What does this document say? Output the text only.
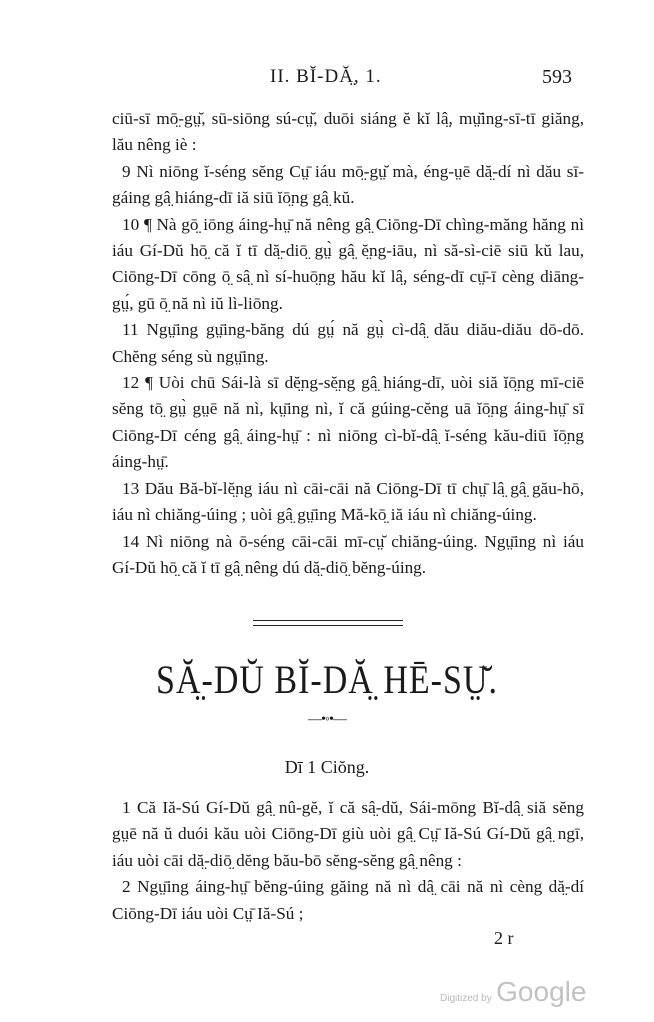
II. BĬ-DĂ̤, 1.	593

ciū-sī mō̤-gṳ̆, sū-siōng sú-cṳ̆, duōi siáng ĕ kĭ lâ̤, mṳ̆ing-sī-tī giăng, lău nêng iè :

9 Nì niōng ĭ-séng sĕng Cṳ̄ iáu mō̤-gṳ̆ mà, éng-ṳē dă̤-dí nì dău sī-gáing gâ̤ hiáng-dī iă siū ĭō̤ng gâ̤ kŭ.

10 ¶ Nà gō̤ iōng áing-hṳ̄ nă nêng gâ̤ Ciōng-Dī chìng-măng hăng nì iáu Gí-Dŭ hō̤ că ĭ tī dă̤-diō̤ gṳ̀ gâ̤ ĕ̤ng-iāu, nì să-sì-ciē siū kŭ lau, Ciōng-Dī cōng ō̤ sâ̤ nì sí-huō̤ng hău kĭ lâ̤, séng-dī cṳ̄-ī cèng diāng-gṳ́, gū ō̤ nă nì iŭ lì-liōng.

11 Ngṳ̄ing gṳ̄ing-băng dú gṳ́ nă gṳ̀ cì-dâ̤ dău diău-diău dō-dō. Chĕng séng sù ngṳ̄ing.

12 ¶ Uòi chū Sái-là sī dĕ̤ng-sĕ̤ng gâ̤ hiáng-dī, uòi siă ĭō̤ng mī-ciē sĕng tō̤ gṳ̀ gṳē nă nì, kṳ̄ing nì, ĭ că gúing-cĕng uā ĭō̤ng áing-hṳ̄ sī Ciōng-Dī céng gâ̤ áing-hṳ̄ : nì niōng cì-bĭ-dâ̤ ĭ-séng kău-diū ĭō̤ng áing-hṳ̄.

13 Dău Bă-bĭ-lĕ̤ng iáu nì cāi-cāi nă Ciōng-Dī tī chṳ̄ lâ̤ gâ̤ gău-hō, iáu nì chiăng-úing ; uòi gâ̤ gṳ̄ing Mă-kō̤ iă iáu nì chiăng-úing.

14 Nì niōng nà ō-séng cāi-cāi mī-cṳ̆ chiăng-úing. Ngṳ̄ing nì iáu Gí-Dŭ hō̤ că ĭ tī gâ̤ nêng dú dă̤-diō̤ bĕng-úing.

SĂ̤-DŬ BĬ-DĂ̤ HĒ-SṲ̆.
—•◦•—
Dī 1 Ciŏng.

1 Că Iă-Sú Gí-Dŭ gâ̤ nû-gĕ, ĭ că sâ̤-dŭ, Sái-mōng Bĭ-dâ̤ siă sĕng gṳē nă ŭ duói kău uòi Ciōng-Dī giù uòi gâ̤ Cṳ̄ Iă-Sú Gí-Dŭ gâ̤ ngī, iáu uòi cāi dă̤-diō̤ dĕng bău-bō sĕng-sĕng gâ̤ nêng :

2 Ngṳ̄ing áing-hṳ̄ bĕng-úing găing nă nì dâ̤ cāi nă nì cèng dă̤-dí Ciōng-Dī iáu uòi Cṳ̄ Iă-Sú ;

2 r
Digitized by Google
